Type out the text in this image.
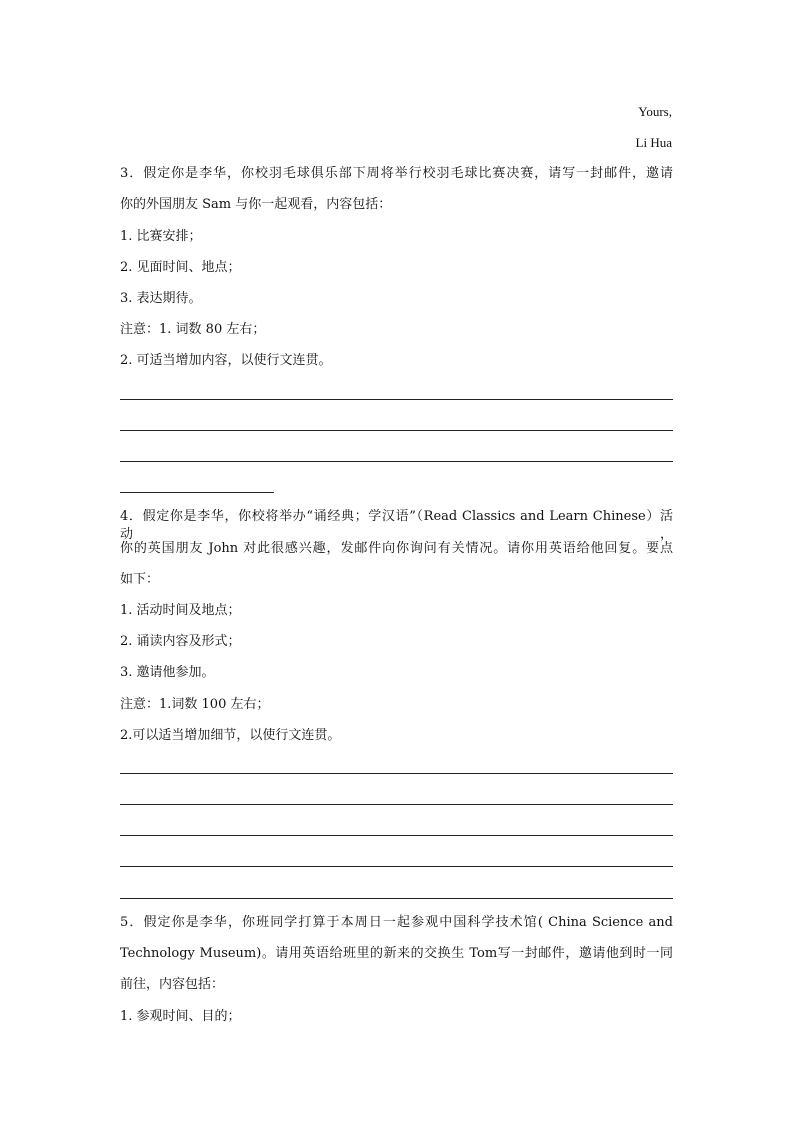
Yours,
Li Hua
3．假定你是李华，你校羽毛球俱乐部下周将举行校羽毛球比赛决赛，请写一封邮件，邀请
你的外国朋友 Sam 与你一起观看，内容包括：
1. 比赛安排；
2. 见面时间、地点；
3. 表达期待。
注意：1. 词数 80 左右；
2. 可适当增加内容，以使行文连贯。
4．假定你是李华，你校将举办“诵经典；学汉语”（Read Classics and Learn Chinese）活动，
你的英国朋友 John 对此很感兴趣，发邮件向你询问有关情况。请你用英语给他回复。要点
如下：
1. 活动时间及地点；
2. 诵读内容及形式；
3. 邀请他参加。
注意：1.词数 100 左右；
2.可以适当增加细节，以使行文连贯。
5．假定你是李华，你班同学打算于本周日一起参观中国科学技术馆( China Science and
Technology Museum)。请用英语给班里的新来的交换生 Tom写一封邮件，邀请他到时一同
前往，内容包括：
1. 参观时间、目的；
